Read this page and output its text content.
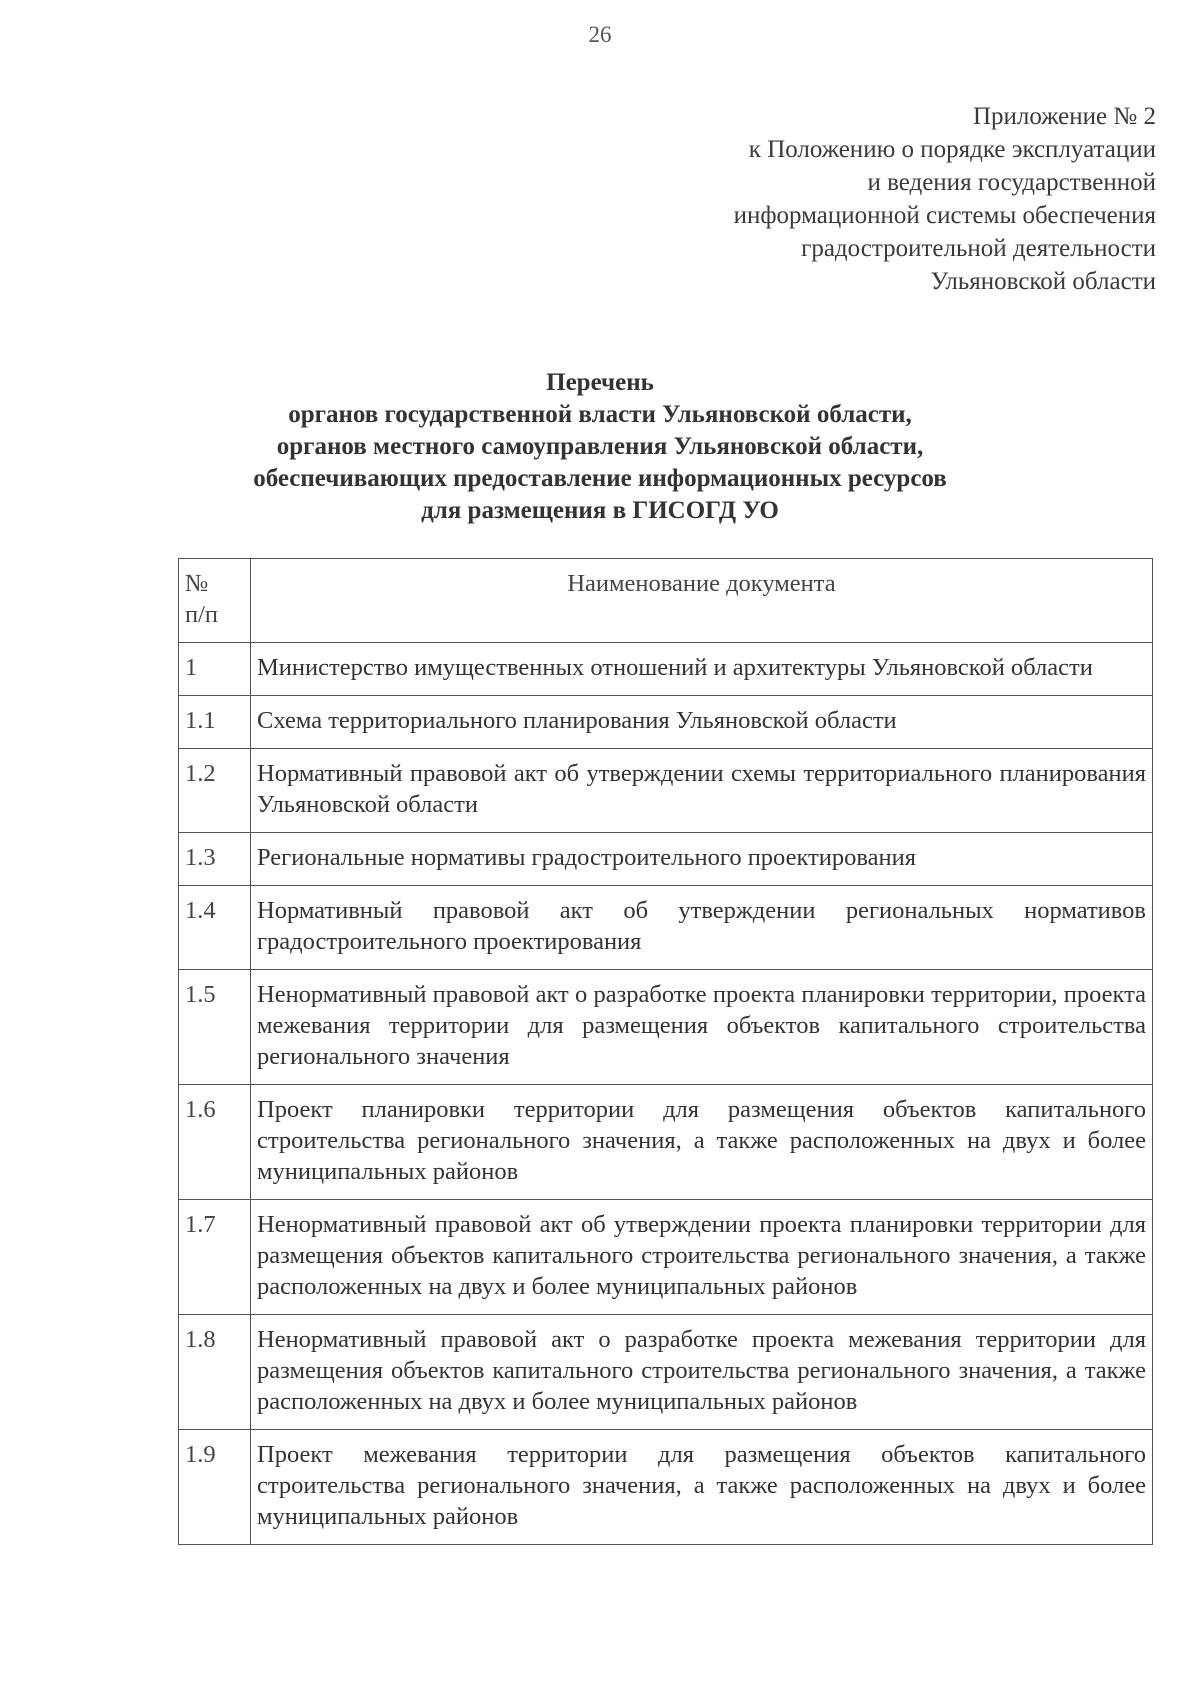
26
Приложение № 2
к Положению о порядке эксплуатации
и ведения государственной
информационной системы обеспечения
градостроительной деятельности
Ульяновской области
Перечень
органов государственной власти Ульяновской области,
органов местного самоуправления Ульяновской области,
обеспечивающих предоставление информационных ресурсов
для размещения в ГИСОГД УО
№
п/п	Наименование документа
1	Министерство имущественных отношений и архитектуры Ульяновской области
1.1	Схема территориального планирования Ульяновской области
1.2	Нормативный правовой акт об утверждении схемы территориального планирования Ульяновской области
1.3	Региональные нормативы градостроительного проектирования
1.4	Нормативный правовой акт об утверждении региональных нормативов градостроительного проектирования
1.5	Ненормативный правовой акт о разработке проекта планировки территории, проекта межевания территории для размещения объектов капитального строительства регионального значения
1.6	Проект планировки территории для размещения объектов капитального строительства регионального значения, а также расположенных на двух и более муниципальных районов
1.7	Ненормативный правовой акт об утверждении проекта планировки территории для размещения объектов капитального строительства регионального значения, а также расположенных на двух и более муниципальных районов
1.8	Ненормативный правовой акт о разработке проекта межевания территории для размещения объектов капитального строительства регионального значения, а также расположенных на двух и более муниципальных районов
1.9	Проект межевания территории для размещения объектов капитального строительства регионального значения, а также расположенных на двух и более муниципальных районов
